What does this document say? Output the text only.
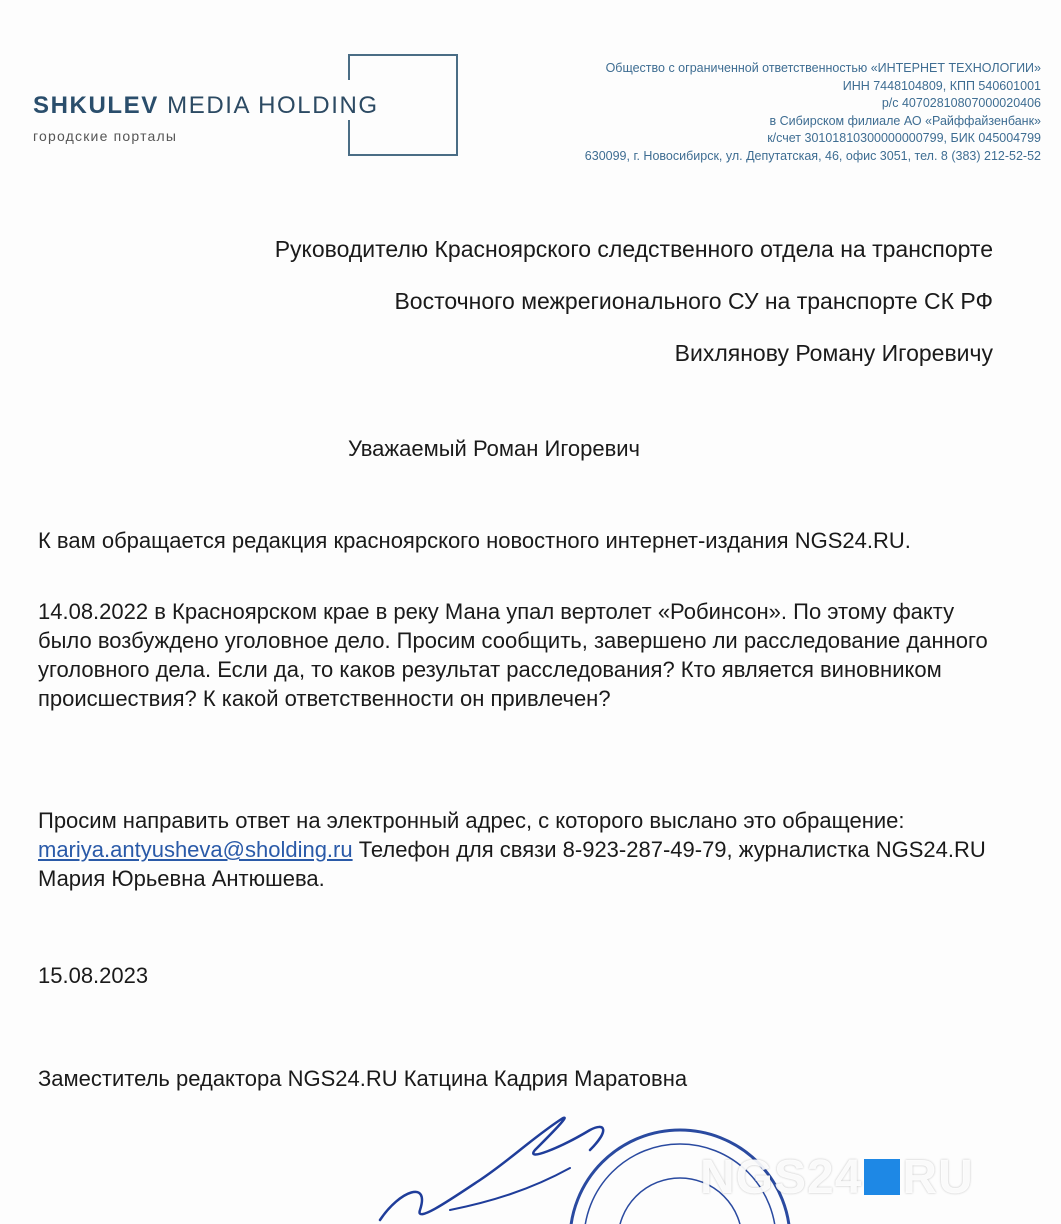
SHKULEV MEDIA HOLDING
городские порталы
Общество с ограниченной ответственностью «ИНТЕРНЕТ ТЕХНОЛОГИИ»
ИНН 7448104809, КПП 540601001
р/с 40702810807000020406
в Сибирском филиале АО «Райффайзенбанк»
к/счет 30101810300000000799, БИК 045004799
630099, г. Новосибирск, ул. Депутатская, 46, офис 3051, тел. 8 (383) 212-52-52
Руководителю Красноярского следственного отдела на транспорте
Восточного межрегионального СУ на транспорте СК РФ
Вихлянову Роману Игоревичу
Уважаемый Роман Игоревич
К вам обращается редакция красноярского новостного интернет-издания NGS24.RU.
14.08.2022 в Красноярском крае в реку Мана упал вертолет «Робинсон». По этому факту было возбуждено уголовное дело. Просим сообщить, завершено ли расследование данного уголовного дела. Если да, то каков результат расследования? Кто является виновником происшествия? К какой ответственности он привлечен?
Просим направить ответ на электронный адрес, с которого выслано это обращение: mariya.antyusheva@sholding.ru Телефон для связи 8-923-287-49-79, журналистка NGS24.RU Мария Юрьевна Антюшева.
15.08.2023
Заместитель редактора NGS24.RU Катцина Кадрия Маратовна
NGS24 RU
